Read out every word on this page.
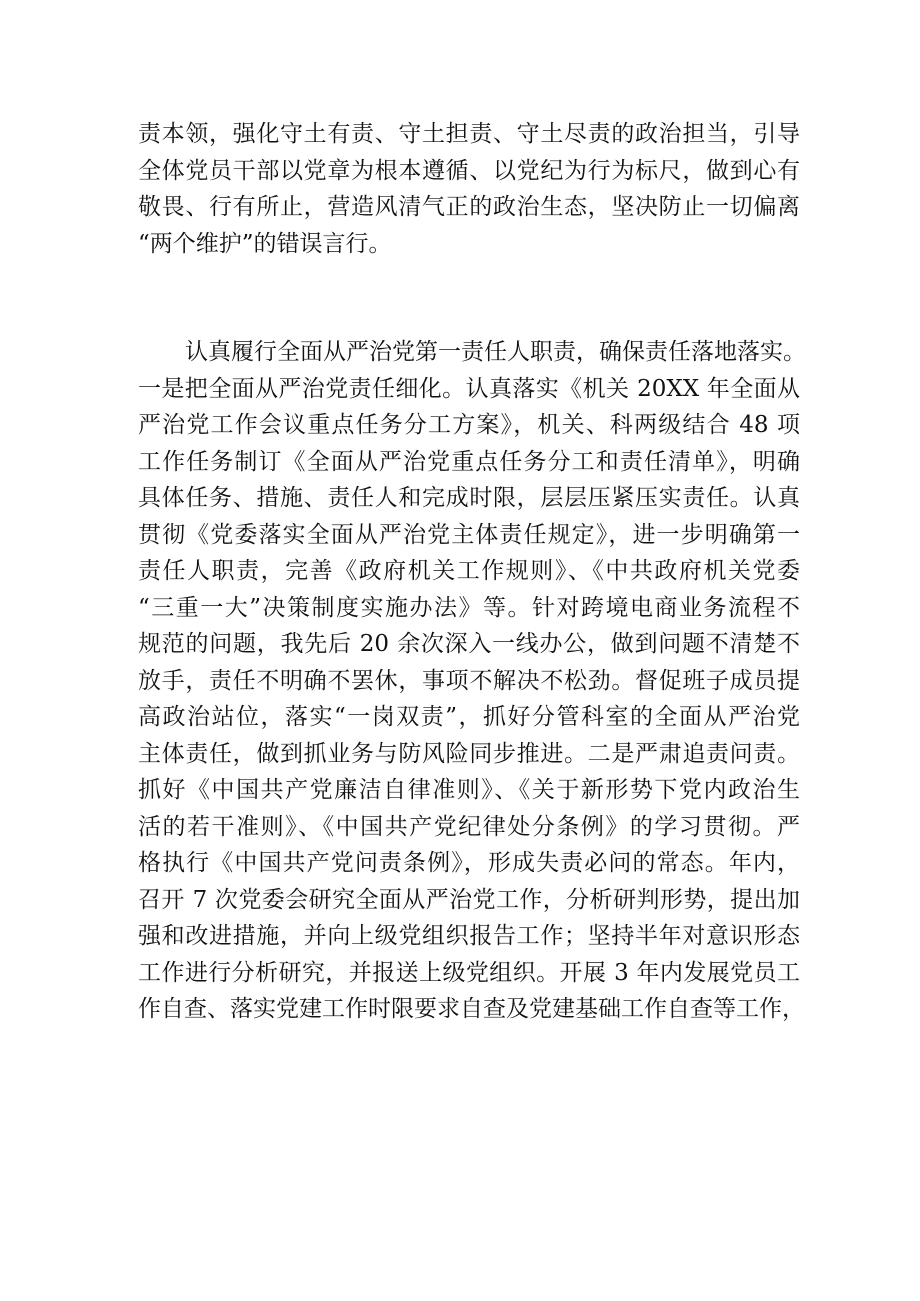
责本领，强化守土有责、守土担责、守土尽责的政治担当，引导
全体党员干部以党章为根本遵循、以党纪为行为标尺，做到心有
敬畏、行有所止，营造风清气正的政治生态，坚决防止一切偏离
“两个维护”的错误言行。
认真履行全面从严治党第一责任人职责，确保责任落地落实。
一是把全面从严治党责任细化。认真落实《机关 20XX 年全面从
严治党工作会议重点任务分工方案》，机关、科两级结合 48 项
工作任务制订《全面从严治党重点任务分工和责任清单》，明确
具体任务、措施、责任人和完成时限，层层压紧压实责任。认真
贯彻《党委落实全面从严治党主体责任规定》，进一步明确第一
责任人职责，完善《政府机关工作规则》、《中共政府机关党委
“三重一大”决策制度实施办法》等。针对跨境电商业务流程不
规范的问题，我先后 20 余次深入一线办公，做到问题不清楚不
放手，责任不明确不罢休，事项不解决不松劲。督促班子成员提
高政治站位，落实“一岗双责”，抓好分管科室的全面从严治党
主体责任，做到抓业务与防风险同步推进。二是严肃追责问责。
抓好《中国共产党廉洁自律准则》、《关于新形势下党内政治生
活的若干准则》、《中国共产党纪律处分条例》的学习贯彻。严
格执行《中国共产党问责条例》，形成失责必问的常态。年内，
召开 7 次党委会研究全面从严治党工作，分析研判形势，提出加
强和改进措施，并向上级党组织报告工作；坚持半年对意识形态
工作进行分析研究，并报送上级党组织。开展 3 年内发展党员工
作自查、落实党建工作时限要求自查及党建基础工作自查等工作，
